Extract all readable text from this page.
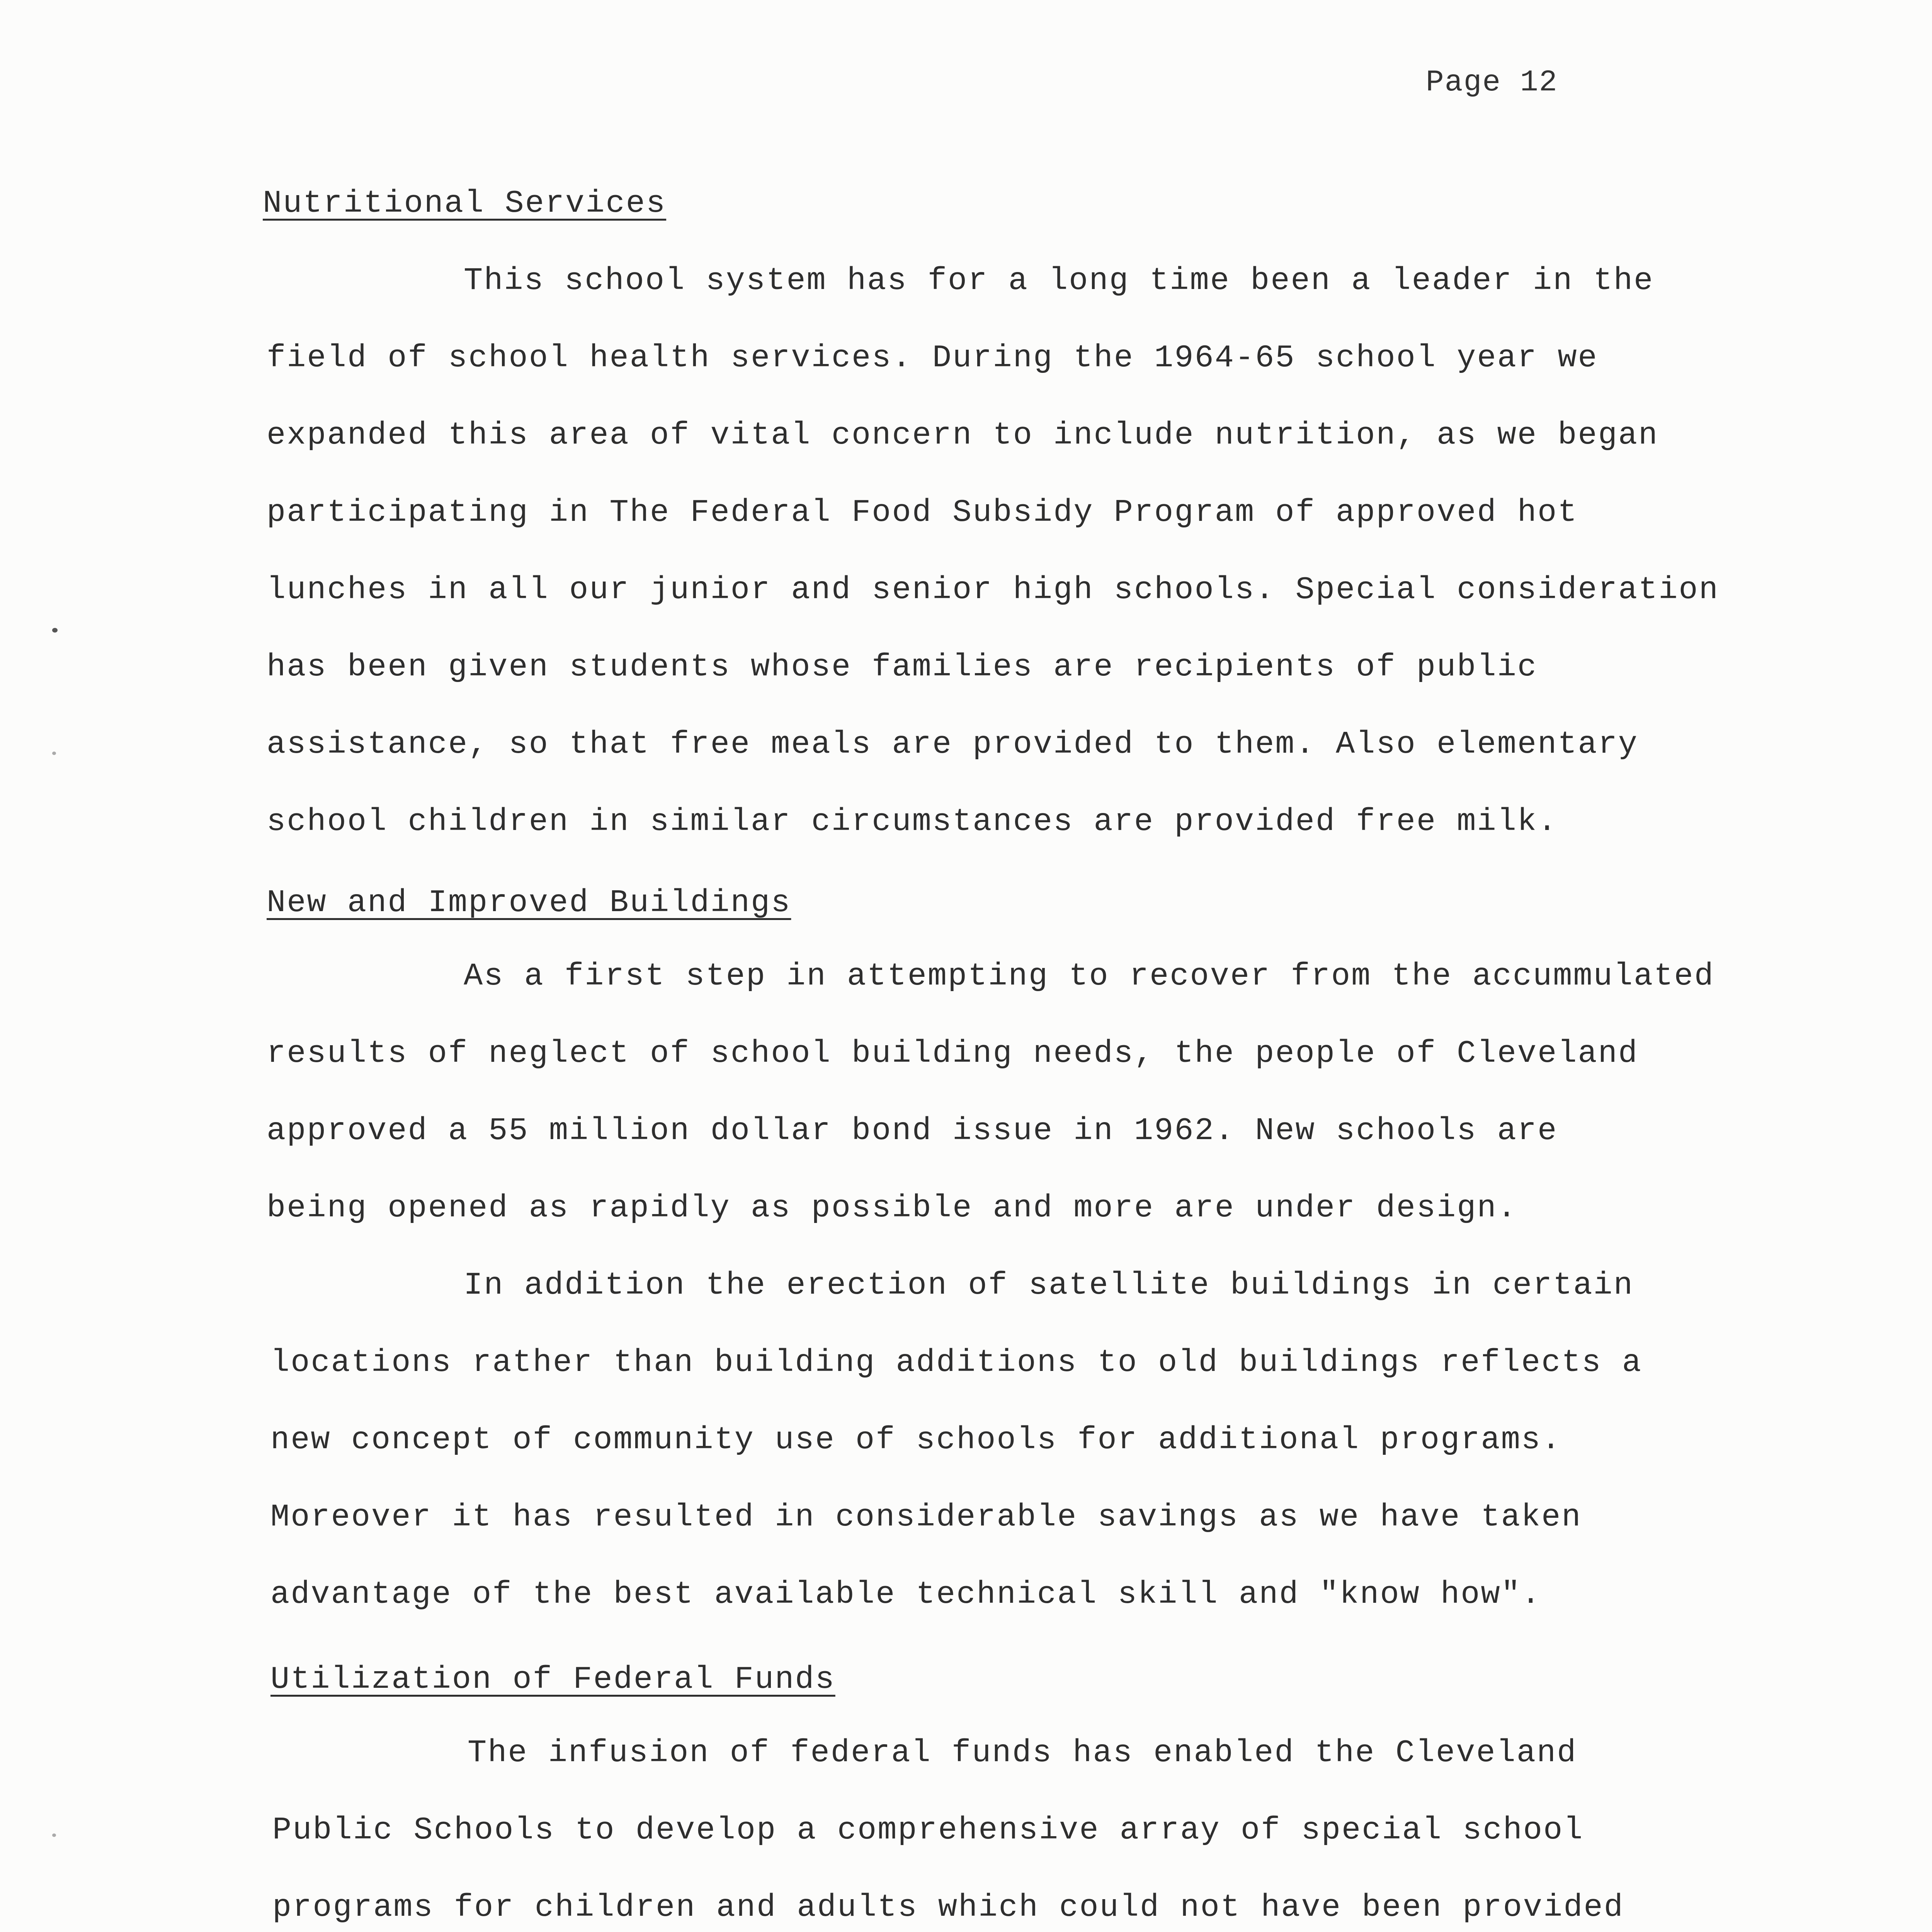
Page 12
Nutritional Services
This school system has for a long time been a leader in the
field of school health services. During the 1964-65 school year we
expanded this area of vital concern to include nutrition, as we began
participating in The Federal Food Subsidy Program of approved hot
lunches in all our junior and senior high schools. Special consideration
has been given students whose families are recipients of public
assistance, so that free meals are provided to them. Also elementary
school children in similar circumstances are provided free milk.
New and Improved Buildings
As a first step in attempting to recover from the accummulated
results of neglect of school building needs, the people of Cleveland
approved a 55 million dollar bond issue in 1962. New schools are
being opened as rapidly as possible and more are under design.
In addition the erection of satellite buildings in certain
locations rather than building additions to old buildings reflects a
new concept of community use of schools for additional programs.
Moreover it has resulted in considerable savings as we have taken
advantage of the best available technical skill and "know how".
Utilization of Federal Funds
The infusion of federal funds has enabled the Cleveland
Public Schools to develop a comprehensive array of special school
programs for children and adults which could not have been provided
